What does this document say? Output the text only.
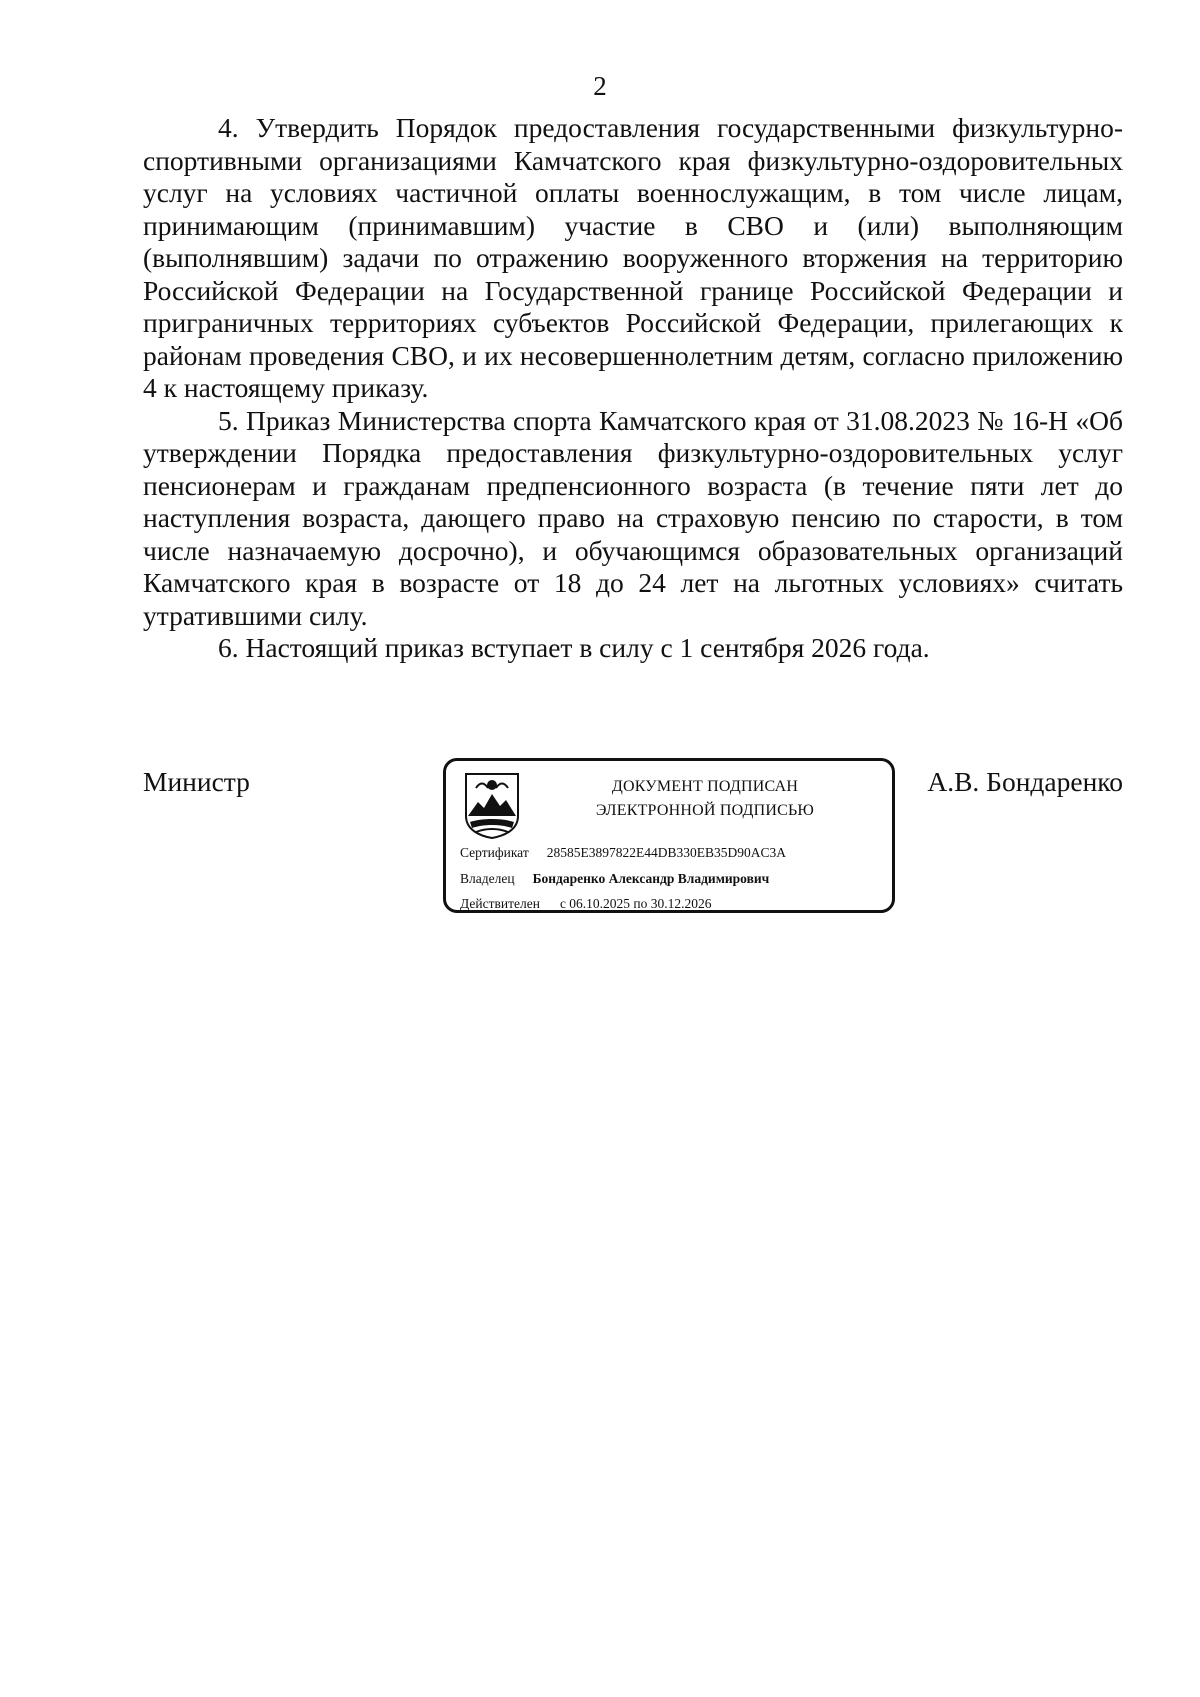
2

4. Утвердить Порядок предоставления государственными физкультурно-спортивными организациями Камчатского края физкультурно-оздоровительных услуг на условиях частичной оплаты военнослужащим, в том числе лицам, принимающим (принимавшим) участие в СВО и (или) выполняющим (выполнявшим) задачи по отражению вооруженного вторжения на территорию Российской Федерации на Государственной границе Российской Федерации и приграничных территориях субъектов Российской Федерации, прилегающих к районам проведения СВО, и их несовершеннолетним детям, согласно приложению 4 к настоящему приказу.

5. Приказ Министерства спорта Камчатского края от 31.08.2023 № 16-Н «Об утверждении Порядка предоставления физкультурно-оздоровительных услуг пенсионерам и гражданам предпенсионного возраста (в течение пяти лет до наступления возраста, дающего право на страховую пенсию по старости, в том числе назначаемую досрочно), и обучающимся образовательных организаций Камчатского края в возрасте от 18 до 24 лет на льготных условиях» считать утратившими силу.

6. Настоящий приказ вступает в силу с 1 сентября 2026 года.

Министр	ДОКУМЕНТ ПОДПИСАН
ЭЛЕКТРОННОЙ ПОДПИСЬЮ
Сертификат 28585E3897822E44DB330EB35D90AC3A
Владелец Бондаренко Александр Владимирович
Действителен с 06.10.2025 по 30.12.2026
А.В. Бондаренко
